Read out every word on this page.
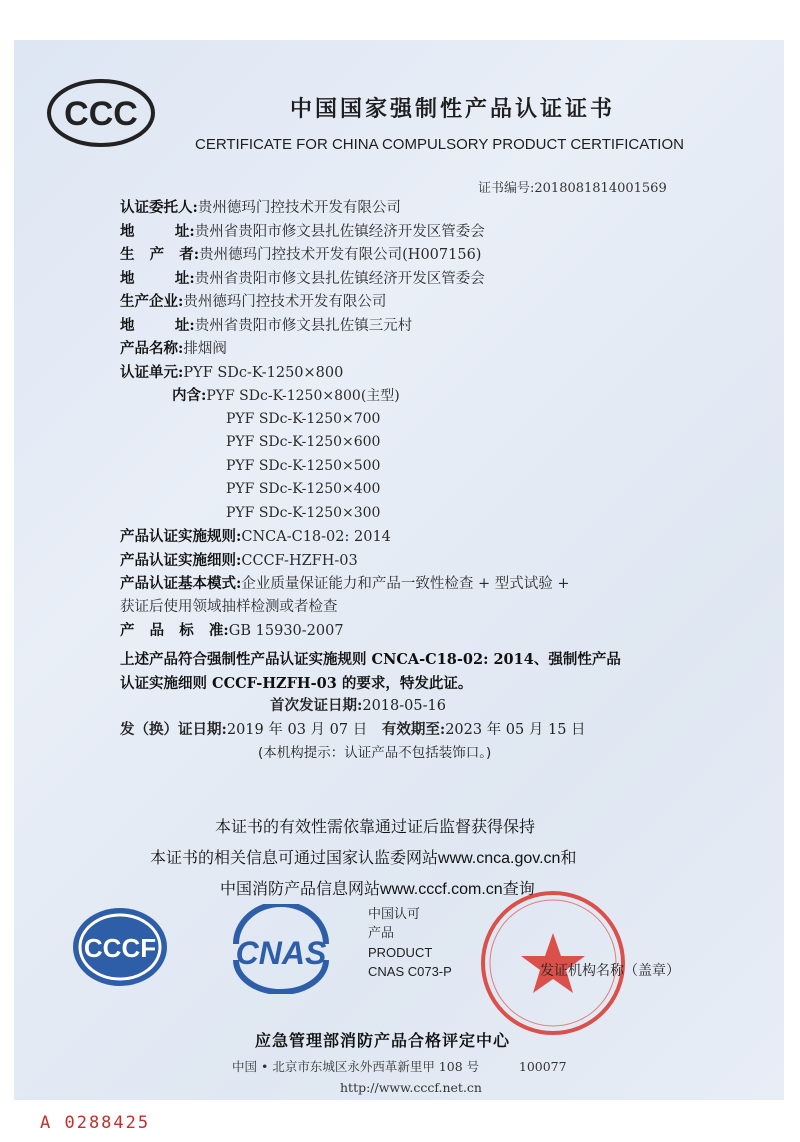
CCC	中国国家强制性产品认证证书
CERTIFICATE FOR CHINA COMPULSORY PRODUCT CERTIFICATION
证书编号:2018081814001569
认证委托人:贵州德玛门控技术开发有限公司
地        址:贵州省贵阳市修文县扎佐镇经济开发区管委会
生   产   者:贵州德玛门控技术开发有限公司(H007156)
地        址:贵州省贵阳市修文县扎佐镇经济开发区管委会
生产企业:贵州德玛门控技术开发有限公司
地        址:贵州省贵阳市修文县扎佐镇三元村
产品名称:排烟阀
认证单元:PYF SDc-K-1250×800
内含:PYF SDc-K-1250×800(主型)
PYF SDc-K-1250×700
PYF SDc-K-1250×600
PYF SDc-K-1250×500
PYF SDc-K-1250×400
PYF SDc-K-1250×300
产品认证实施规则:CNCA-C18-02: 2014
产品认证实施细则:CCCF-HZFH-03
产品认证基本模式:企业质量保证能力和产品一致性检查 + 型式试验 +
获证后使用领域抽样检测或者检查
产   品   标   准:GB 15930-2007
上述产品符合强制性产品认证实施规则 CNCA-C18-02: 2014、强制性产品
认证实施细则 CCCF-HZFH-03 的要求，特发此证。
首次发证日期:2018-05-16
发（换）证日期:2019 年 03 月 07 日 有效期至:2023 年 05 月 15 日
(本机构提示：认证产品不包括装饰口。)
本证书的有效性需依靠通过证后监督获得保持
本证书的相关信息可通过国家认监委网站www.cnca.gov.cn和
中国消防产品信息网站www.cccf.com.cn查询
CCCF CNAS
中国认可
产品
PRODUCT
CNAS C073-P	发证机构名称（盖章）
应急管理部消防产品合格评定中心
中国 • 北京市东城区永外西革新里甲 108 号          100077
http://www.cccf.net.cn
A 0288425
